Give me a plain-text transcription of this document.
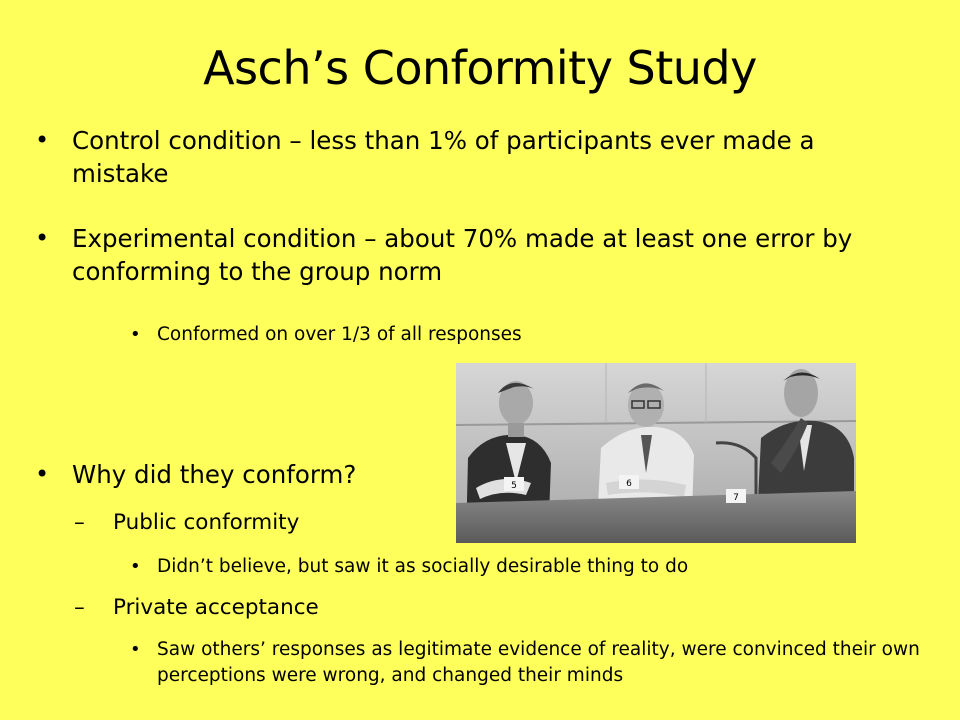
Asch’s Conformity Study
• Control condition – less than 1% of participants ever made a mistake
• Experimental condition – about 70% made at least one error by conforming to the group norm
• Conformed on over 1/3 of all responses
• Why did they conform?
– Public conformity
• Didn’t believe, but saw it as socially desirable thing to do
– Private acceptance
• Saw others’ responses as legitimate evidence of reality, were convinced their own perceptions were wrong, and changed their minds
5	6
7
